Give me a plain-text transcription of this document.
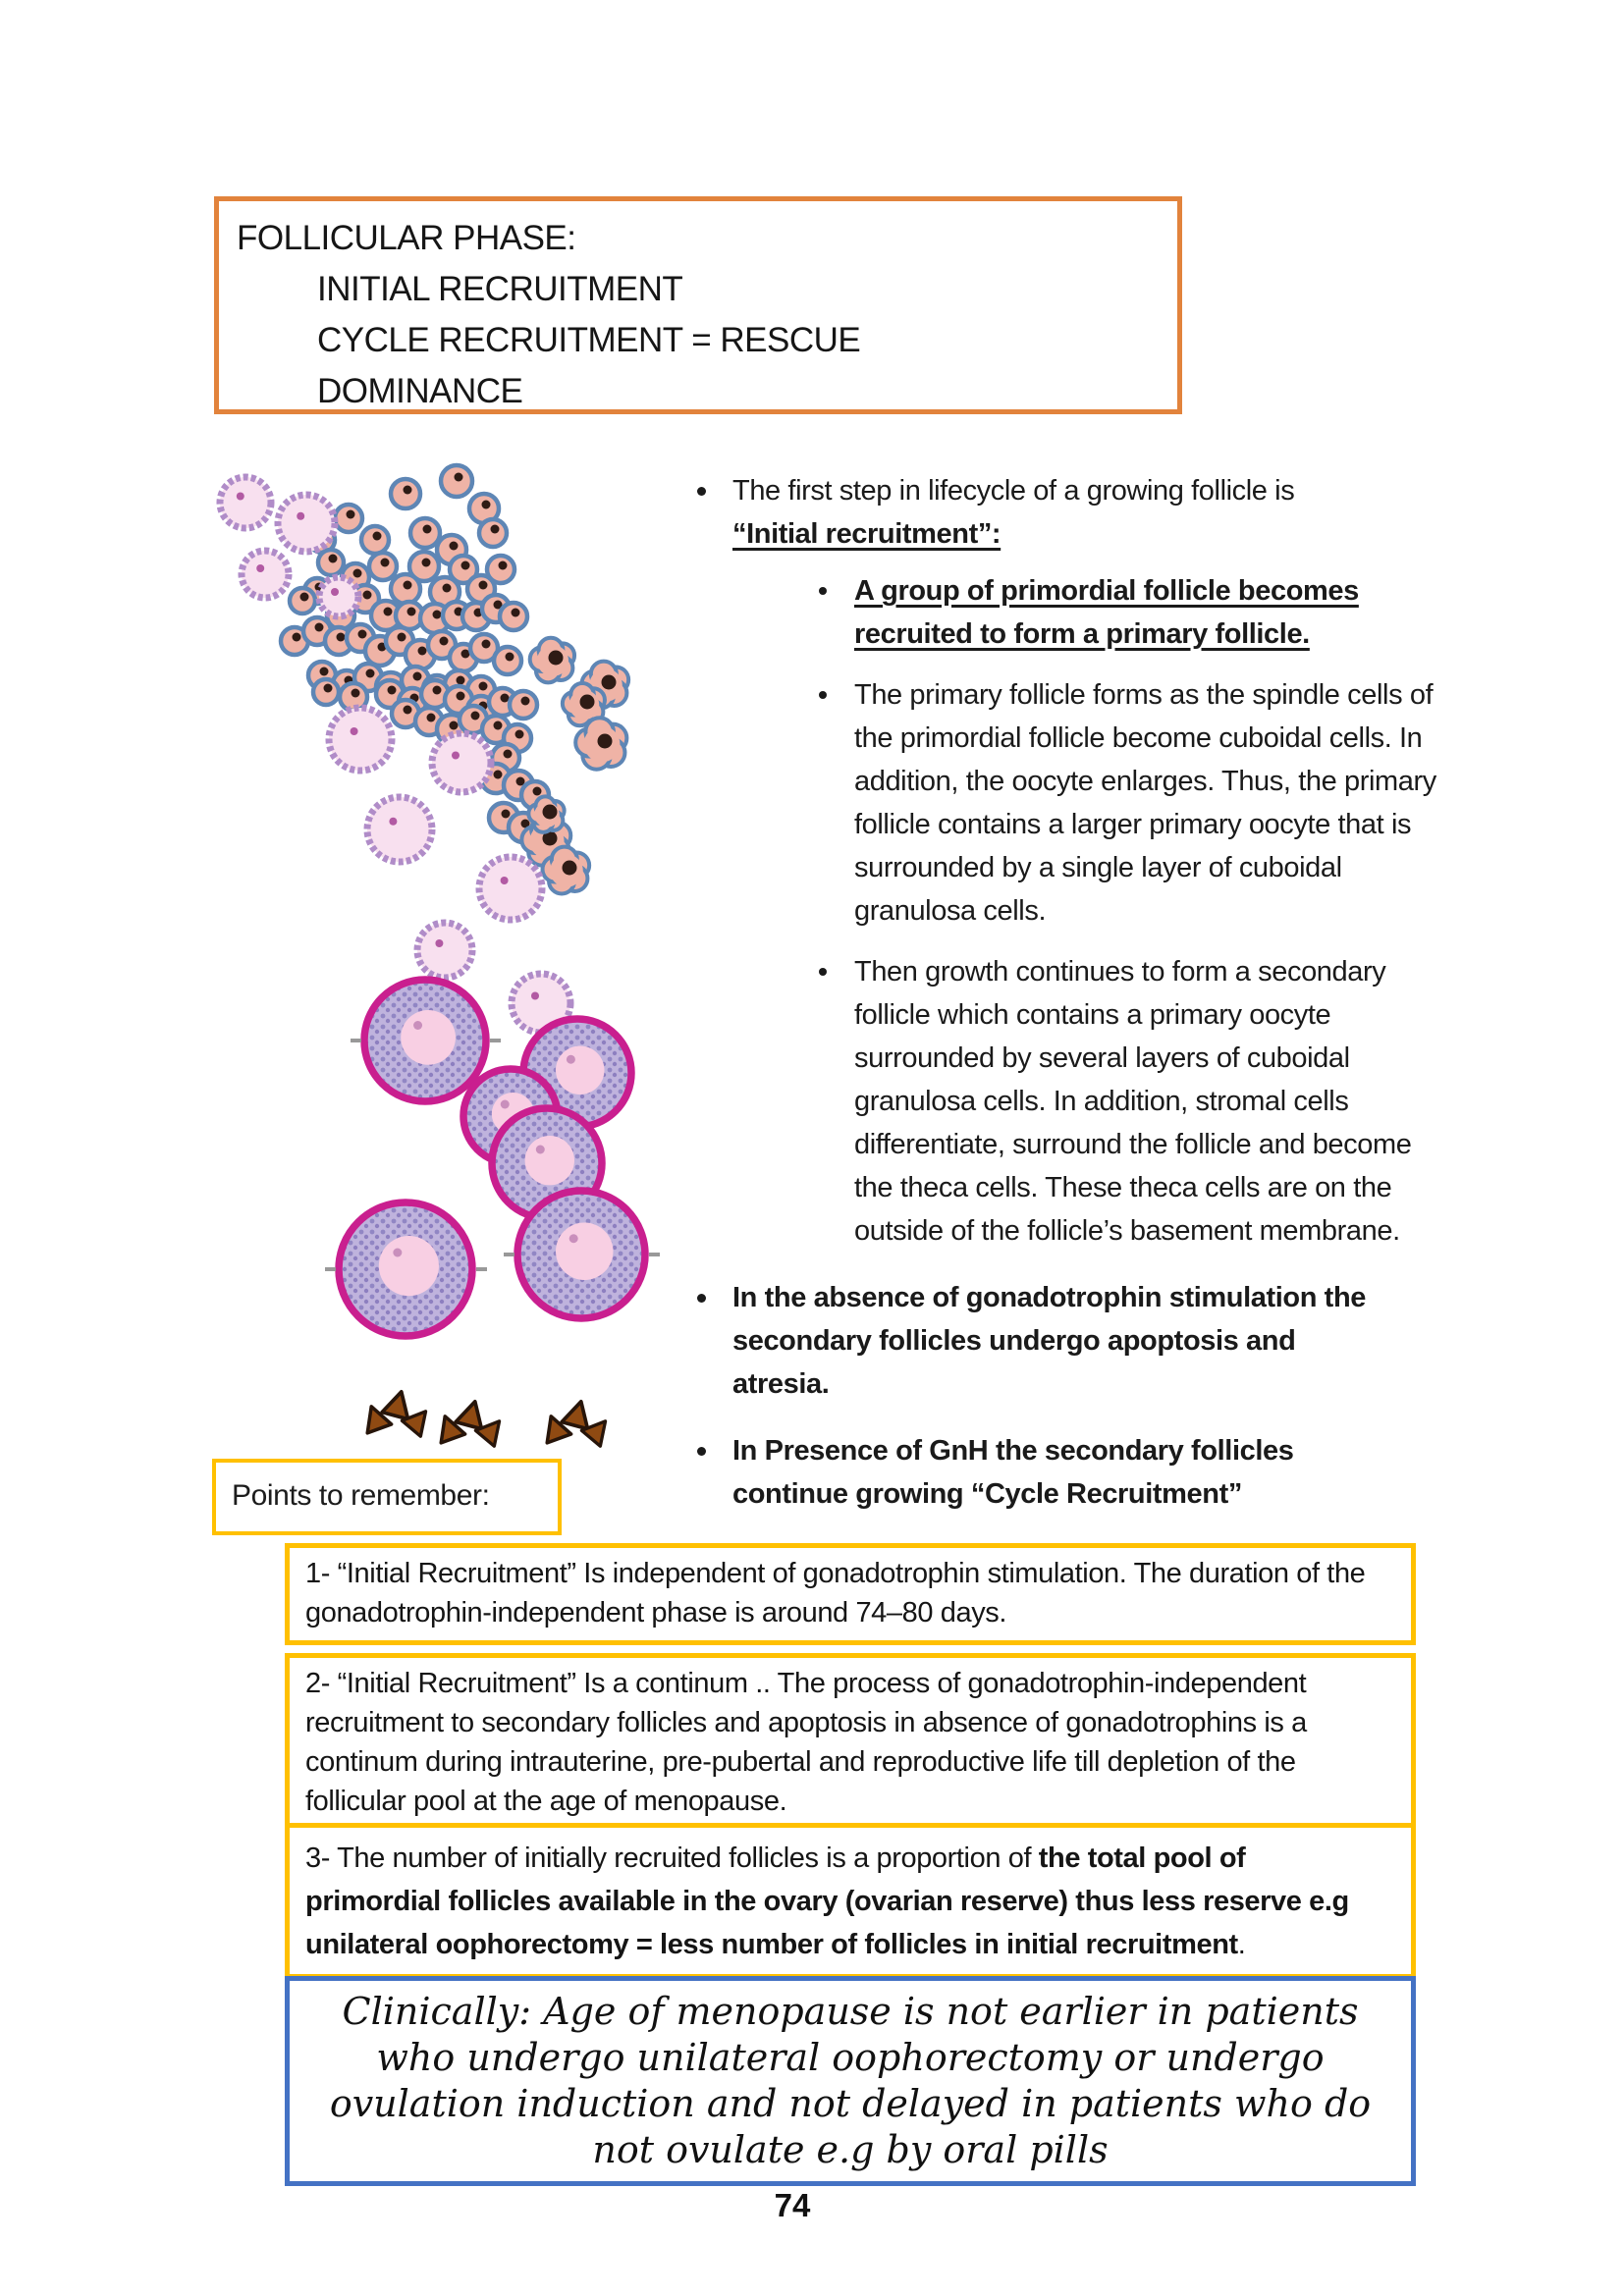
FOLLICULAR PHASE:
INITIAL RECRUITMENT
CYCLE RECRUITMENT = RESCUE
DOMINANCE
The first step in lifecycle of a growing follicle is “Initial recruitment”:
A group of primordial follicle becomes recruited to form a primary follicle.
The primary follicle forms as the spindle cells of the primordial follicle become cuboidal cells. In addition, the oocyte enlarges. Thus, the primary follicle contains a larger primary oocyte that is surrounded by a single layer of cuboidal granulosa cells.
Then growth continues to form a secondary follicle which contains a primary oocyte surrounded by several layers of cuboidal granulosa cells. In addition, stromal cells differentiate, surround the follicle and become the theca cells. These theca cells are on the outside of the follicle’s basement membrane.
In the absence of gonadotrophin stimulation the secondary follicles undergo apoptosis and atresia.
In Presence of GnH the secondary follicles continue growing “Cycle Recruitment”
Points to remember:
1- “Initial Recruitment” Is independent of gonadotrophin stimulation. The duration of the gonadotrophin-independent phase is around 74–80 days.
2- “Initial Recruitment” Is a continum .. The process of gonadotrophin-independent recruitment to secondary follicles and apoptosis in absence of gonadotrophins is a continum during intrauterine, pre-pubertal and reproductive life till depletion of the follicular pool at the age of menopause.
3- The number of initially recruited follicles is a proportion of the total pool of primordial follicles available in the ovary (ovarian reserve) thus less reserve e.g unilateral oophorectomy = less number of follicles in initial recruitment.
Clinically: Age of menopause is not earlier in patients who undergo unilateral oophorectomy or undergo ovulation induction and not delayed in patients who do not ovulate e.g by oral pills
74
